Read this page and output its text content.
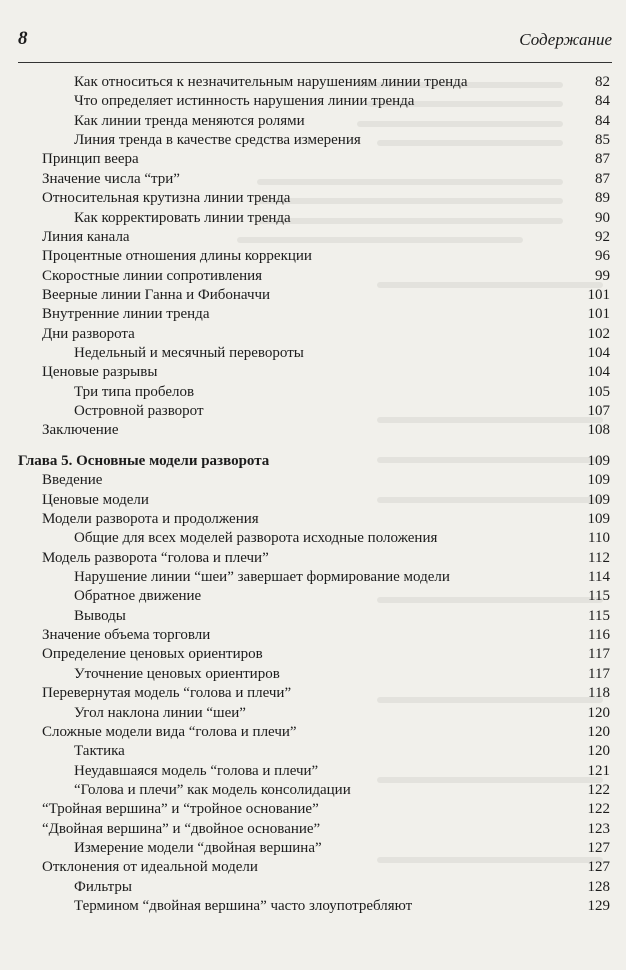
8	Содержание
Как относиться к незначительным нарушениям линии тренда	82
Что определяет истинность нарушения линии тренда	84
Как линии тренда меняются ролями	84
Линия тренда в качестве средства измерения	85
Принцип веера	87
Значение числа “три”	87
Относительная крутизна линии тренда	89
Как корректировать линии тренда	90
Линия канала	92
Процентные отношения длины коррекции	96
Скоростные линии сопротивления	99
Веерные линии Ганна и Фибоначчи	101
Внутренние линии тренда	101
Дни разворота	102
Недельный и месячный перевороты	104
Ценовые разрывы	104
Три типа пробелов	105
Островной разворот	107
Заключение	108
Глава 5. Основные модели разворота	109
Введение	109
Ценовые модели	109
Модели разворота и продолжения	109
Общие для всех моделей разворота исходные положения	110
Модель разворота “голова и плечи”	112
Нарушение линии “шеи” завершает формирование модели	114
Обратное движение	115
Выводы	115
Значение объема торговли	116
Определение ценовых ориентиров	117
Уточнение ценовых ориентиров	117
Перевернутая модель “голова и плечи”	118
Угол наклона линии “шеи”	120
Сложные модели вида “голова и плечи”	120
Тактика	120
Неудавшаяся модель “голова и плечи”	121
“Голова и плечи” как модель консолидации	122
“Тройная вершина” и “тройное основание”	122
“Двойная вершина” и “двойное основание”	123
Измерение модели “двойная вершина”	127
Отклонения от идеальной модели	127
Фильтры	128
Термином “двойная вершина” часто злоупотребляют	129
